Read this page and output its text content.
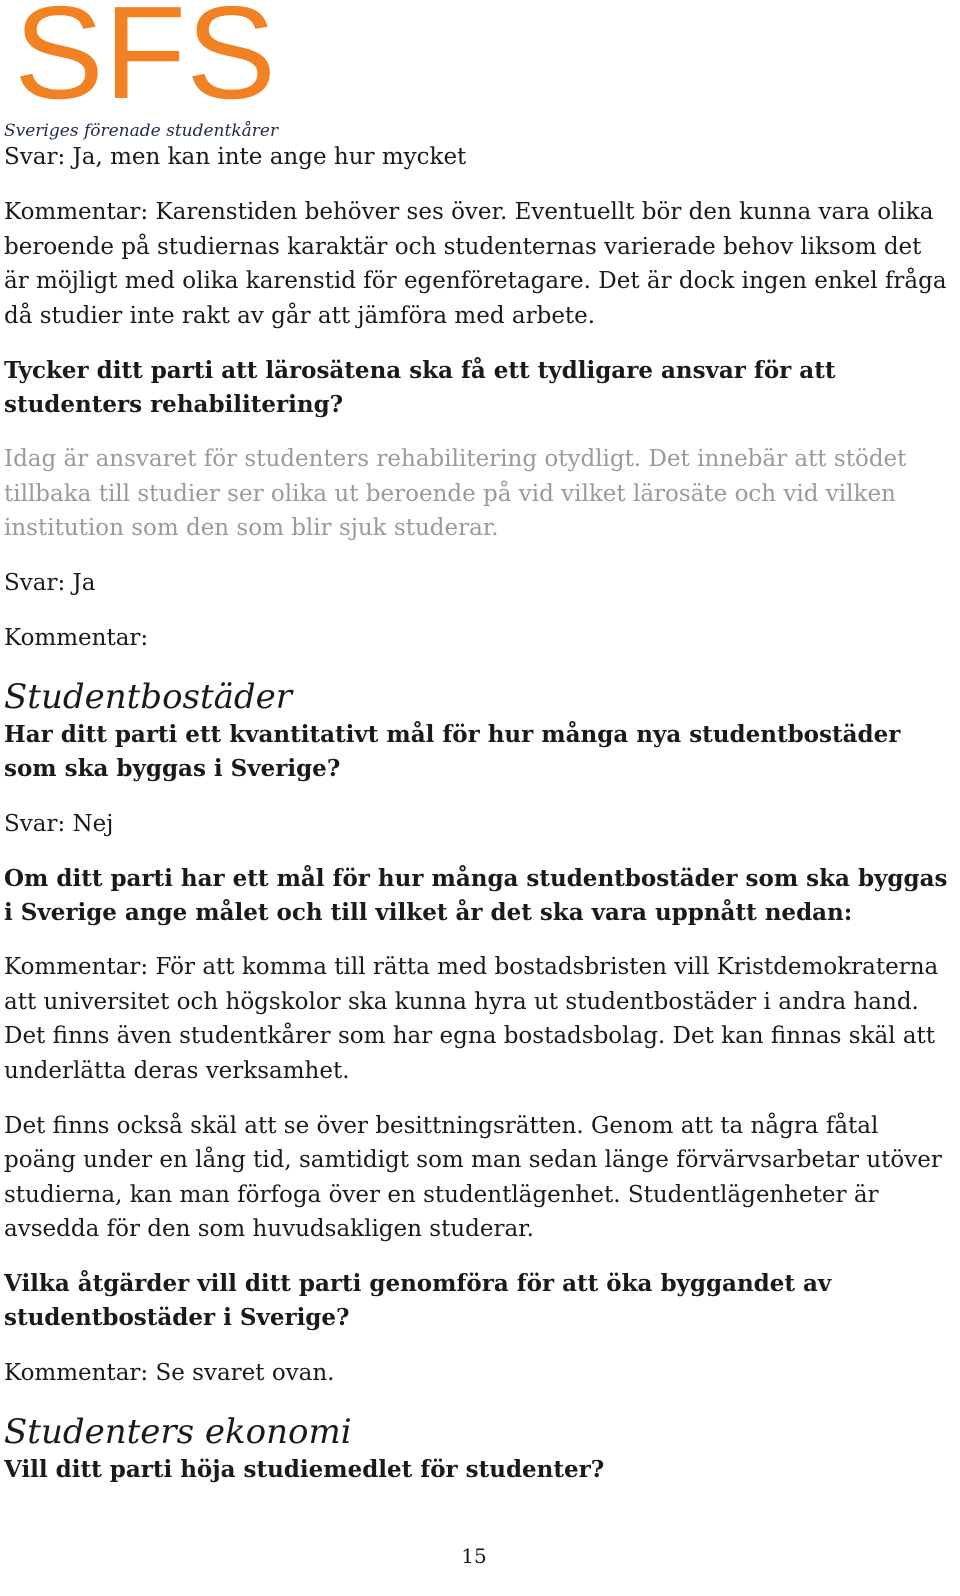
SFS
Sveriges förenade studentkårer

Svar: Ja, men kan inte ange hur mycket

Kommentar: Karenstiden behöver ses över. Eventuellt bör den kunna vara olika beroende på studiernas karaktär och studenternas varierade behov liksom det är möjligt med olika karenstid för egenföretagare. Det är dock ingen enkel fråga då studier inte rakt av går att jämföra med arbete.

Tycker ditt parti att lärosätena ska få ett tydligare ansvar för att studenters rehabilitering?

Idag är ansvaret för studenters rehabilitering otydligt. Det innebär att stödet tillbaka till studier ser olika ut beroende på vid vilket lärosäte och vid vilken institution som den som blir sjuk studerar.

Svar: Ja

Kommentar:

Studentbostäder

Har ditt parti ett kvantitativt mål för hur många nya studentbostäder som ska byggas i Sverige?

Svar: Nej

Om ditt parti har ett mål för hur många studentbostäder som ska byggas i Sverige ange målet och till vilket år det ska vara uppnått nedan:

Kommentar: För att komma till rätta med bostadsbristen vill Kristdemokraterna att universitet och högskolor ska kunna hyra ut studentbostäder i andra hand. Det finns även studentkårer som har egna bostadsbolag. Det kan finnas skäl att underlätta deras verksamhet.

Det finns också skäl att se över besittningsrätten. Genom att ta några fåtal poäng under en lång tid, samtidigt som man sedan länge förvärvsarbetar utöver studierna, kan man förfoga över en studentlägenhet. Studentlägenheter är avsedda för den som huvudsakligen studerar.

Vilka åtgärder vill ditt parti genomföra för att öka byggandet av studentbostäder i Sverige?

Kommentar: Se svaret ovan.

Studenters ekonomi

Vill ditt parti höja studiemedlet för studenter?

15
